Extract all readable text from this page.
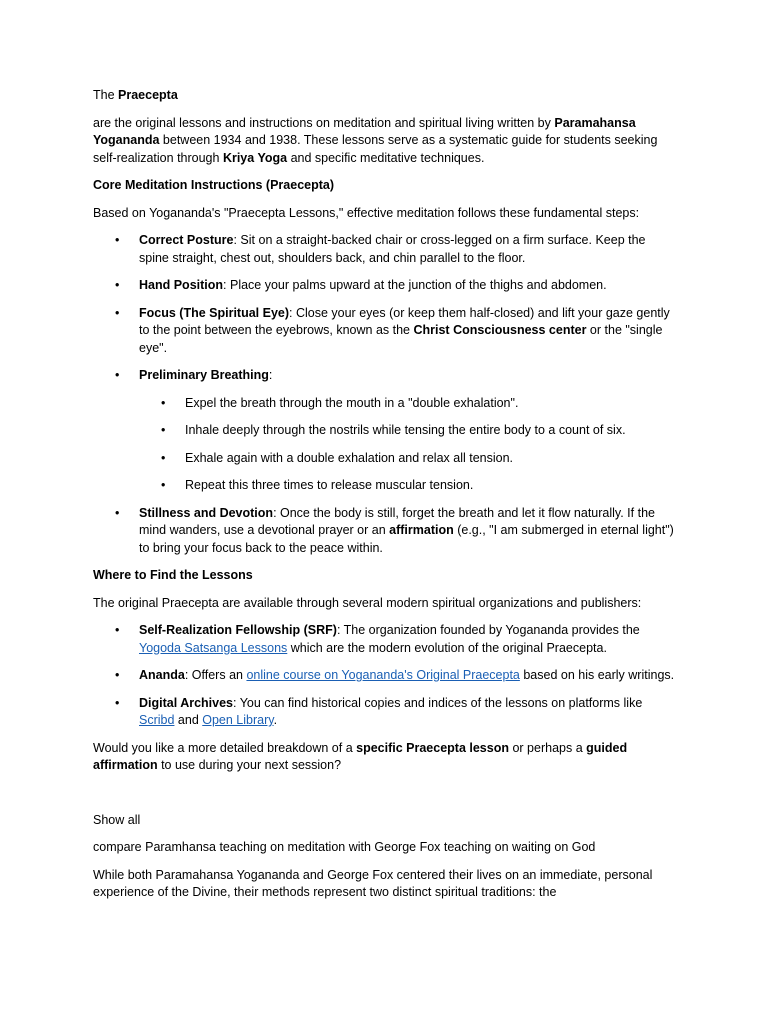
The Praecepta

are the original lessons and instructions on meditation and spiritual living written by Paramahansa Yogananda between 1934 and 1938. These lessons serve as a systematic guide for students seeking self-realization through Kriya Yoga and specific meditative techniques.

Core Meditation Instructions (Praecepta)

Based on Yogananda's "Praecepta Lessons," effective meditation follows these fundamental steps:

• Correct Posture: Sit on a straight-backed chair or cross-legged on a firm surface. Keep the spine straight, chest out, shoulders back, and chin parallel to the floor.
• Hand Position: Place your palms upward at the junction of the thighs and abdomen.
• Focus (The Spiritual Eye): Close your eyes (or keep them half-closed) and lift your gaze gently to the point between the eyebrows, known as the Christ Consciousness center or the "single eye".
• Preliminary Breathing:
• Expel the breath through the mouth in a "double exhalation".
• Inhale deeply through the nostrils while tensing the entire body to a count of six.
• Exhale again with a double exhalation and relax all tension.
• Repeat this three times to release muscular tension.
• Stillness and Devotion: Once the body is still, forget the breath and let it flow naturally. If the mind wanders, use a devotional prayer or an affirmation (e.g., "I am submerged in eternal light") to bring your focus back to the peace within.

Where to Find the Lessons

The original Praecepta are available through several modern spiritual organizations and publishers:

• Self-Realization Fellowship (SRF): The organization founded by Yogananda provides the Yogoda Satsanga Lessons which are the modern evolution of the original Praecepta.
• Ananda: Offers an online course on Yogananda's Original Praecepta based on his early writings.
• Digital Archives: You can find historical copies and indices of the lessons on platforms like Scribd and Open Library.

Would you like a more detailed breakdown of a specific Praecepta lesson or perhaps a guided affirmation to use during your next session?

Show all

compare Paramhansa teaching on meditation with George Fox teaching on waiting on God

While both Paramahansa Yogananda and George Fox centered their lives on an immediate, personal experience of the Divine, their methods represent two distinct spiritual traditions: the
